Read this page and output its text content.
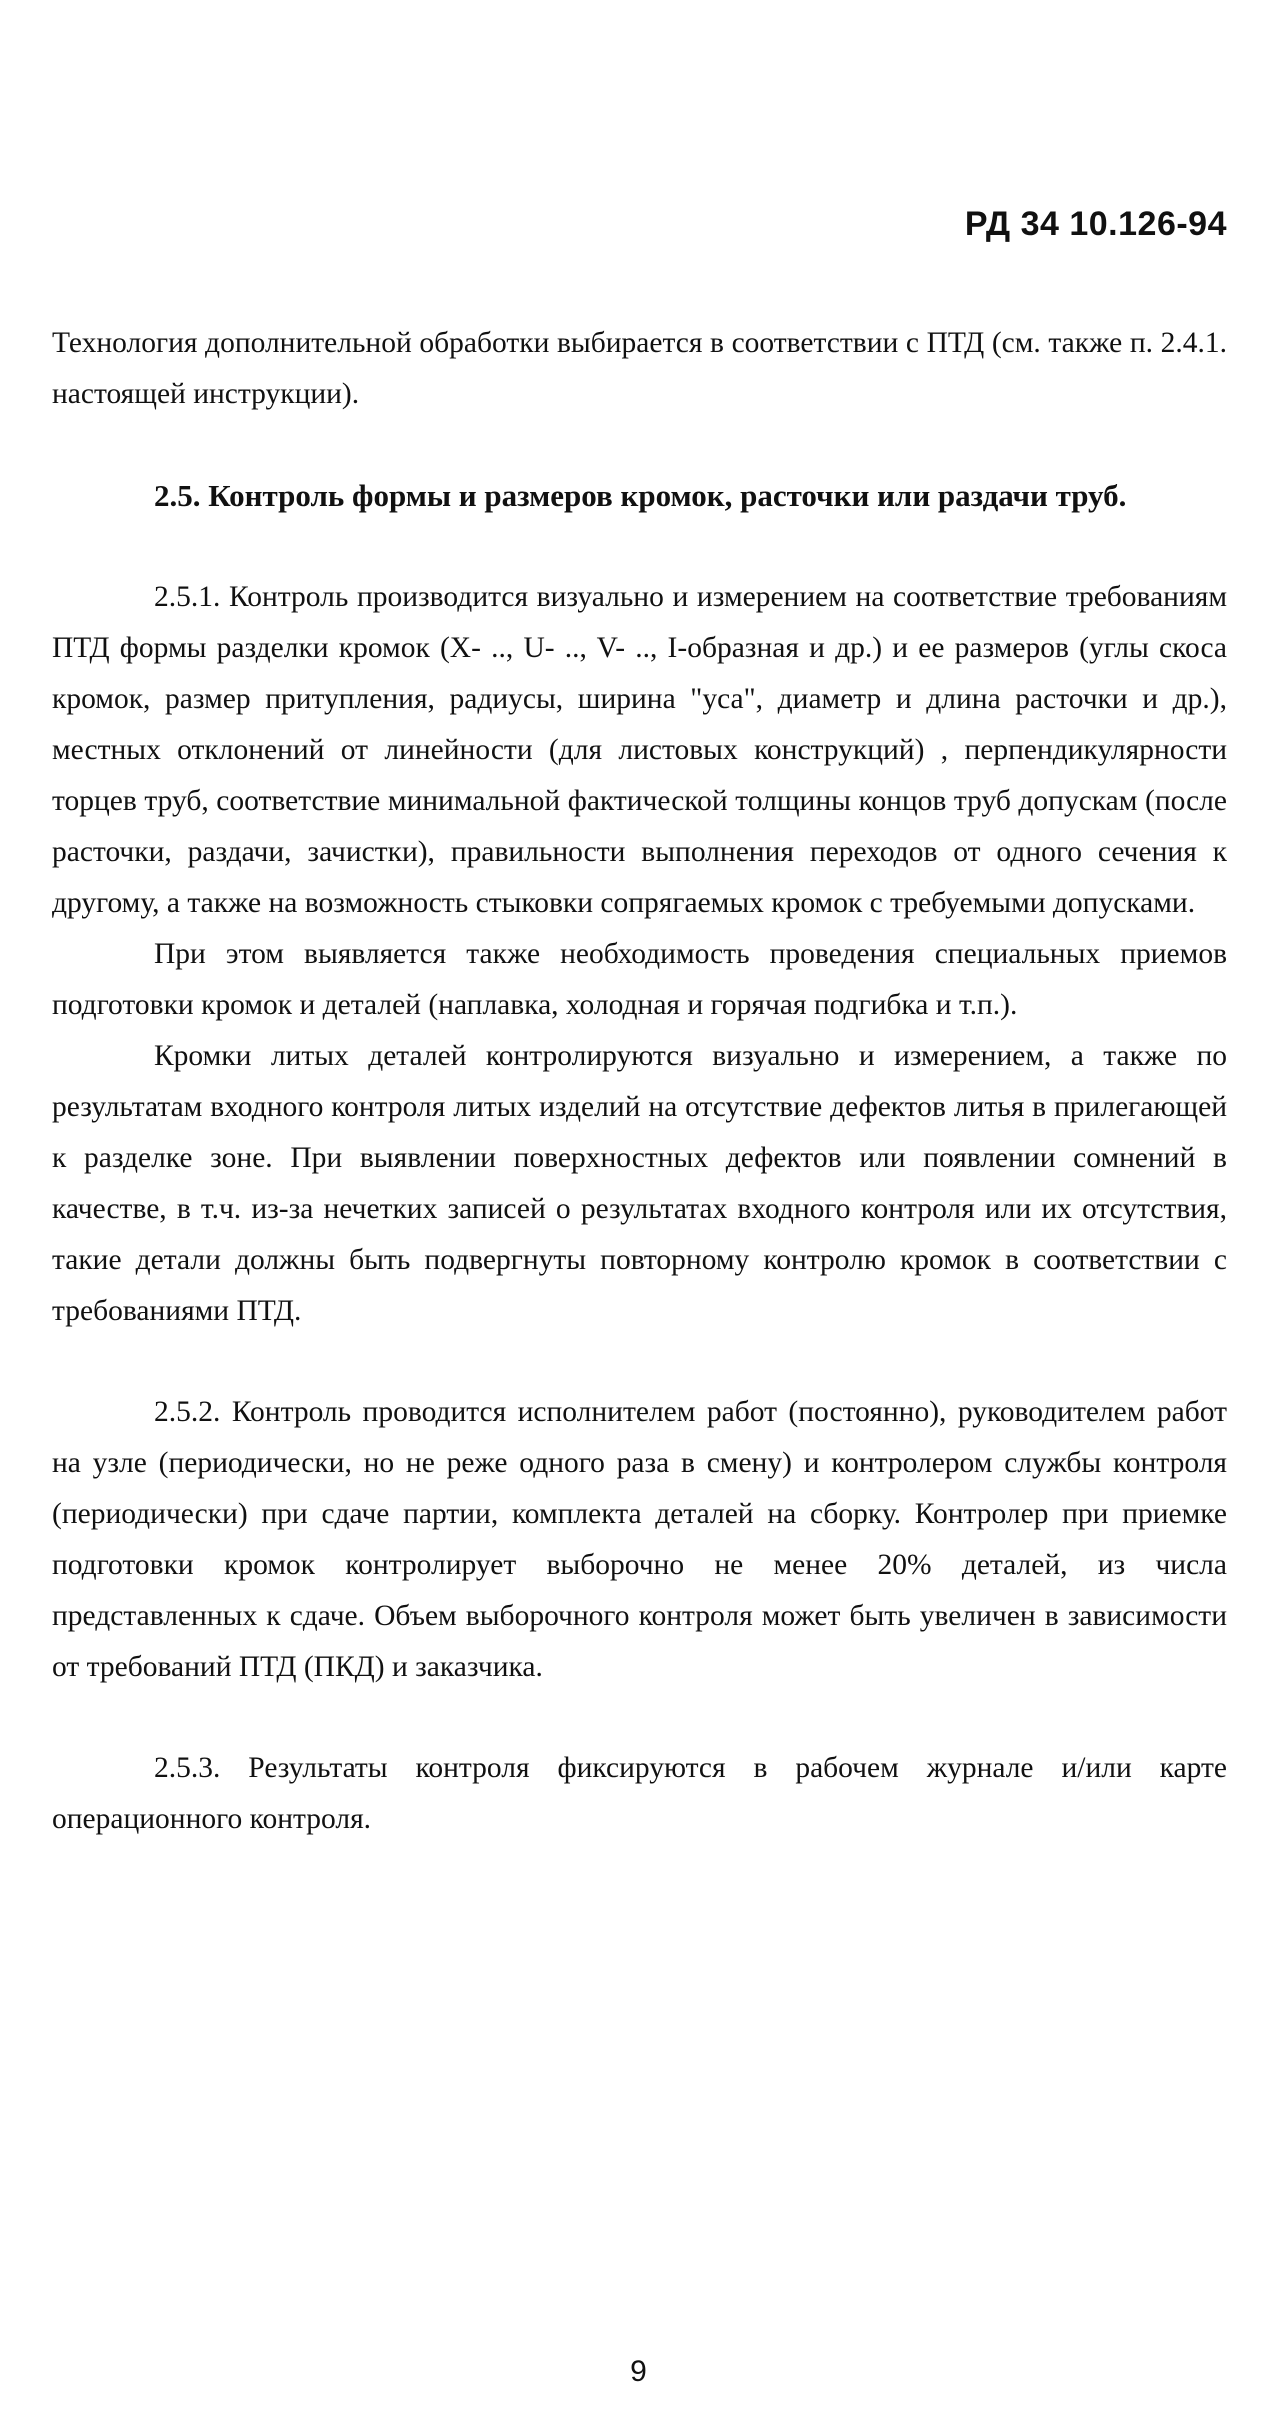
РД 34 10.126-94

Технология дополнительной обработки выбирается в соответствии с ПТД (см. также п. 2.4.1. настоящей инструкции).

2.5. Контроль формы и размеров кромок, расточки или раздачи труб.

2.5.1. Контроль производится визуально и измерением на соответствие требованиям ПТД формы разделки кромок (X- .., U- .., V- .., I-образная и др.) и ее размеров (углы скоса кромок, размер притупления, радиусы, ширина "уса", диаметр и длина расточки и др.), местных отклонений от линейности (для листовых конструкций) , перпендикулярности торцев труб, соответствие минимальной фактической толщины концов труб допускам (после расточки, раздачи, зачистки), правильности выполнения переходов от одного сечения к другому, а также на возможность стыковки сопрягаемых кромок с требуемыми допусками.

При этом выявляется также необходимость проведения специальных приемов подготовки кромок и деталей (наплавка, холодная и горячая подгибка и т.п.).

Кромки литых деталей контролируются визуально и измерением, а также по результатам входного контроля литых изделий на отсутствие дефектов литья в прилегающей к разделке зоне. При выявлении поверхностных дефектов или появлении сомнений в качестве, в т.ч. из-за нечетких записей о результатах входного контроля или их отсутствия, такие детали должны быть подвергнуты повторному контролю кромок в соответствии с требованиями ПТД.

2.5.2. Контроль проводится исполнителем работ (постоянно), руководителем работ на узле (периодически, но не реже одного раза в смену) и контролером службы контроля (периодически) при сдаче партии, комплекта деталей на сборку. Контролер при приемке подготовки кромок контролирует выборочно не менее 20% деталей, из числа представленных к сдаче. Объем выборочного контроля может быть увеличен в зависимости от требований ПТД (ПКД) и заказчика.

2.5.3. Результаты контроля фиксируются в рабочем журнале и/или карте операционного контроля.

9
